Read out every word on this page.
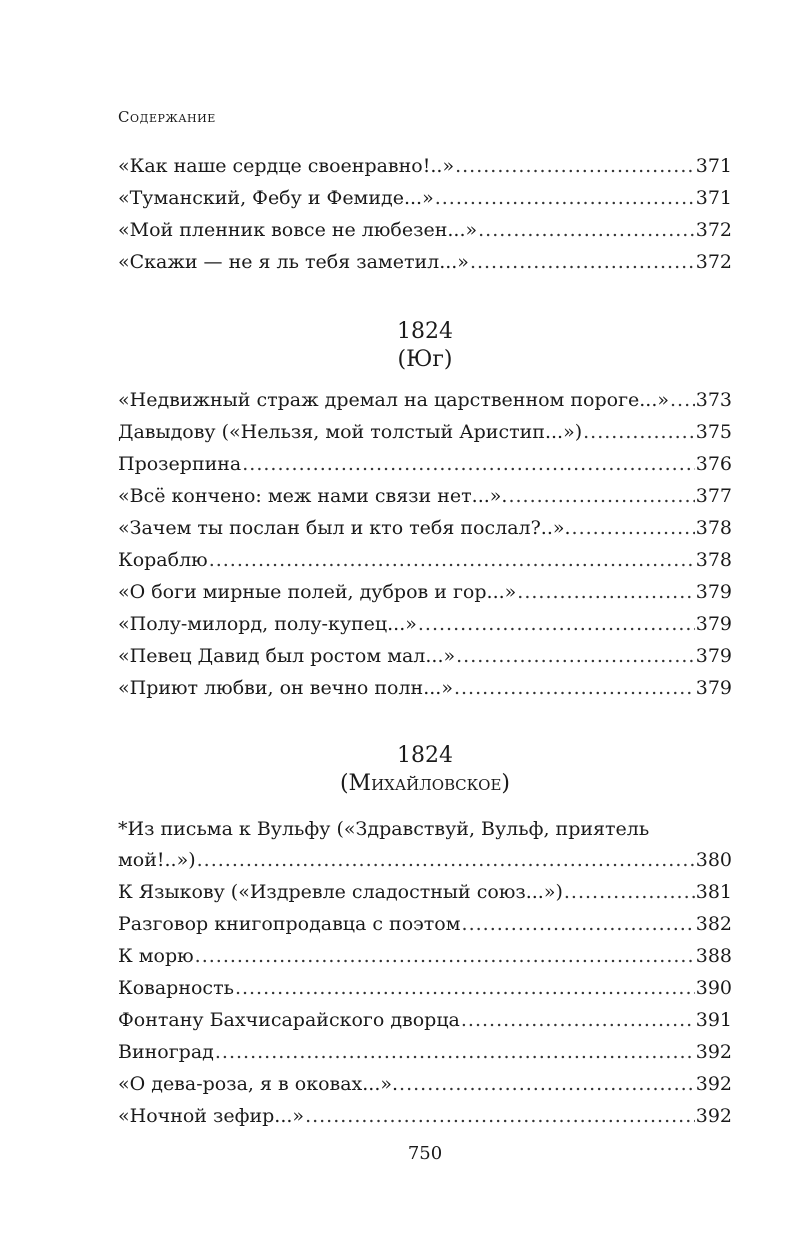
Содержание
«Как наше сердце своенравно!..» .....	371
«Туманский, Фебу и Фемиде...» .....	371
«Мой пленник вовсе не любезен...» .....	372
«Скажи — не я ль тебя заметил...» .....	372
1824
(Юг)
«Недвижный страж дремал на царственном пороге...» ..... 373
Давыдову («Нельзя, мой толстый Аристип...») .....	375
Прозерпина .....	376
«Всё кончено: меж нами связи нет...». .....	377
«Зачем ты послан был и кто тебя послал?..». .....	378
Кораблю .....	378
«О боги мирные полей, дубров и гор...» .....	379
«Полу-милорд, полу-купец...» .....	379
«Певец Давид был ростом мал...» .....	379
«Приют любви, он вечно полн...» .....	379
1824
(Михайловское)
*Из письма к Вульфу («Здравствуй, Вульф, приятель
мой!..») .....	380
К Языкову («Издревле сладостный союз...») .....	381
Разговор книгопродавца с поэтом .....	382
К морю .....	388
Коварность .....	390
Фонтану Бахчисарайского дворца .....	391
Виноград .....	392
«О дева-роза, я в оковах...». .....	392
«Ночной зефир...» .....	392
750
